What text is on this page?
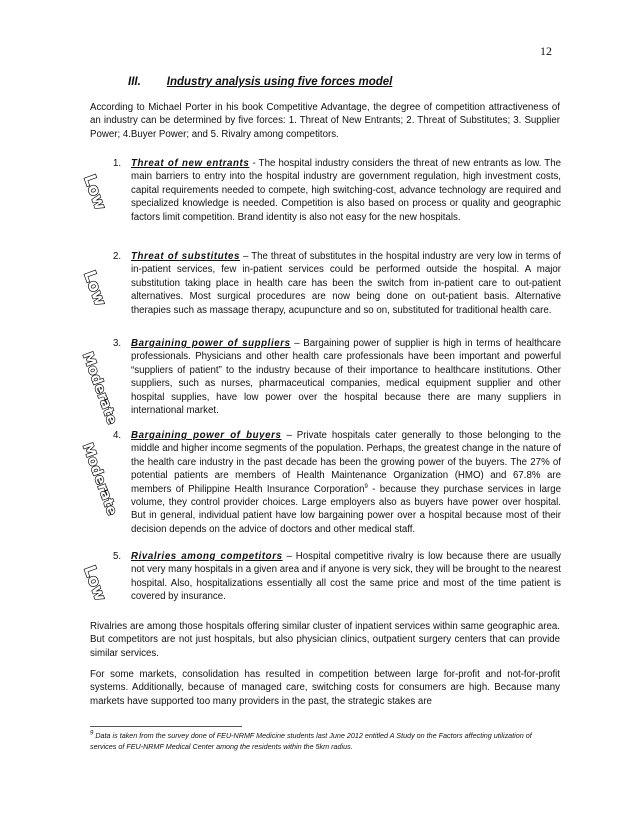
12
III. Industry analysis using five forces model

According to Michael Porter in his book Competitive Advantage, the degree of competition attractiveness of an industry can be determined by five forces: 1. Threat of New Entrants; 2. Threat of Substitutes; 3. Supplier Power; 4.Buyer Power; and 5. Rivalry among competitors.

Low
1.	Threat of new entrants - The hospital industry considers the threat of new entrants as low. The main barriers to entry into the hospital industry are government regulation, high investment costs, capital requirements needed to compete, high switching-cost, advance technology are required and specialized knowledge is needed. Competition is also based on process or quality and geographic factors limit competition. Brand identity is also not easy for the new hospitals.
Low
2.	Threat of substitutes – The threat of substitutes in the hospital industry are very low in terms of in-patient services, few in-patient services could be performed outside the hospital. A major substitution taking place in health care has been the switch from in-patient care to out-patient alternatives. Most surgical procedures are now being done on out-patient basis. Alternative therapies such as massage therapy, acupuncture and so on, substituted for traditional health care.
Moderate
3.	Bargaining power of suppliers – Bargaining power of supplier is high in terms of healthcare professionals. Physicians and other health care professionals have been important and powerful “suppliers of patient” to the industry because of their importance to healthcare institutions. Other suppliers, such as nurses, pharmaceutical companies, medical equipment supplier and other hospital supplies, have low power over the hospital because there are many suppliers in international market.
Moderate
4.	Bargaining power of buyers – Private hospitals cater generally to those belonging to the middle and higher income segments of the population. Perhaps, the greatest change in the nature of the health care industry in the past decade has been the growing power of the buyers. The 27% of potential patients are members of Health Maintenance Organization (HMO) and 67.8% are members of Philippine Health Insurance Corporation$^9$ - because they purchase services in large volume, they control provider choices. Large employers also as buyers have power over hospital. But in general, individual patient have low bargaining power over a hospital because most of their decision depends on the advice of doctors and other medical staff.
Low
5.	Rivalries among competitors – Hospital competitive rivalry is low because there are usually not very many hospitals in a given area and if anyone is very sick, they will be brought to the nearest hospital. Also, hospitalizations essentially all cost the same price and most of the time patient is covered by insurance.

Rivalries are among those hospitals offering similar cluster of inpatient services within same geographic area. But competitors are not just hospitals, but also physician clinics, outpatient surgery centers that can provide similar services.

For some markets, consolidation has resulted in competition between large for-profit and not-for-profit systems. Additionally, because of managed care, switching costs for consumers are high. Because many markets have supported too many providers in the past, the strategic stakes are

$^9$ Data is taken from the survey done of FEU-NRMF Medicine students last June 2012 entitled A Study on the Factors affecting utilization of services of FEU-NRMF Medical Center among the residents within the 5km radius.
